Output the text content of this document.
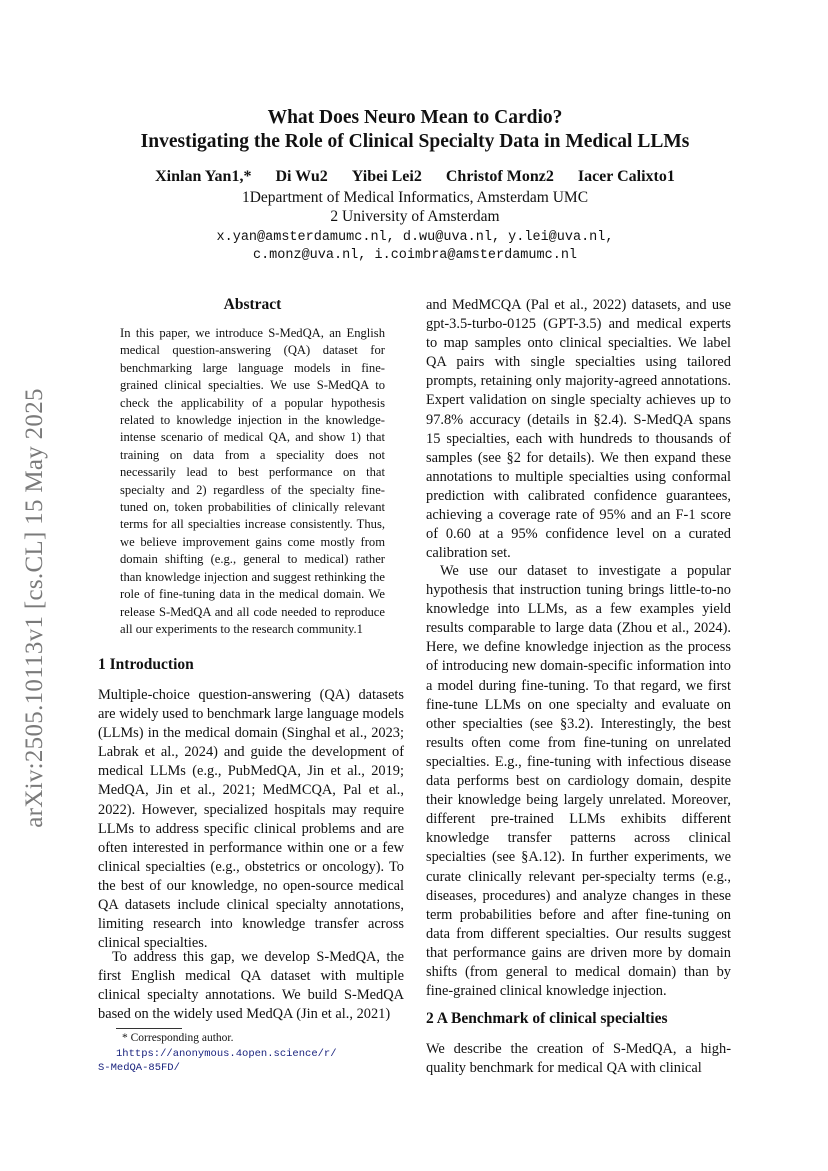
arXiv:2505.10113v1 [cs.CL] 15 May 2025
What Does Neuro Mean to Cardio?
Investigating the Role of Clinical Specialty Data in Medical LLMs
Xinlan Yan1,* Di Wu2 Yibei Lei2 Christof Monz2 Iacer Calixto1
1Department of Medical Informatics, Amsterdam UMC
2 University of Amsterdam
x.yan@amsterdamumc.nl, d.wu@uva.nl, y.lei@uva.nl,
c.monz@uva.nl, i.coimbra@amsterdamumc.nl
Abstract
In this paper, we introduce S-MedQA, an English medical question-answering (QA) dataset for benchmarking large language models in fine-grained clinical specialties. We use S-MedQA to check the applicability of a popular hypothesis related to knowledge injection in the knowledge-intense scenario of medical QA, and show 1) that training on data from a speciality does not necessarily lead to best performance on that specialty and 2) regardless of the specialty fine-tuned on, token probabilities of clinically relevant terms for all specialties increase consistently. Thus, we believe improvement gains come mostly from domain shifting (e.g., general to medical) rather than knowledge injection and suggest rethinking the role of fine-tuning data in the medical domain. We release S-MedQA and all code needed to reproduce all our experiments to the research community.1
1 Introduction
Multiple-choice question-answering (QA) datasets are widely used to benchmark large language models (LLMs) in the medical domain (Singhal et al., 2023; Labrak et al., 2024) and guide the development of medical LLMs (e.g., PubMedQA, Jin et al., 2019; MedQA, Jin et al., 2021; MedMCQA, Pal et al., 2022). However, specialized hospitals may require LLMs to address specific clinical problems and are often interested in performance within one or a few clinical specialties (e.g., obstetrics or oncology). To the best of our knowledge, no open-source medical QA datasets include clinical specialty annotations, limiting research into knowledge transfer across clinical specialties.
To address this gap, we develop S-MedQA, the first English medical QA dataset with multiple clinical specialty annotations. We build S-MedQA based on the widely used MedQA (Jin et al., 2021)
* Corresponding author.
1https://anonymous.4open.science/r/
S-MedQA-85FD/
and MedMCQA (Pal et al., 2022) datasets, and use gpt-3.5-turbo-0125 (GPT-3.5) and medical experts to map samples onto clinical specialties. We label QA pairs with single specialties using tailored prompts, retaining only majority-agreed annotations. Expert validation on single specialty achieves up to 97.8% accuracy (details in §2.4). S-MedQA spans 15 specialties, each with hundreds to thousands of samples (see §2 for details). We then expand these annotations to multiple specialties using conformal prediction with calibrated confidence guarantees, achieving a coverage rate of 95% and an F-1 score of 0.60 at a 95% confidence level on a curated calibration set.
We use our dataset to investigate a popular hypothesis that instruction tuning brings little-to-no knowledge into LLMs, as a few examples yield results comparable to large data (Zhou et al., 2024). Here, we define knowledge injection as the process of introducing new domain-specific information into a model during fine-tuning. To that regard, we first fine-tune LLMs on one specialty and evaluate on other specialties (see §3.2). Interestingly, the best results often come from fine-tuning on unrelated specialties. E.g., fine-tuning with infectious disease data performs best on cardiology domain, despite their knowledge being largely unrelated. Moreover, different pre-trained LLMs exhibits different knowledge transfer patterns across clinical specialties (see §A.12). In further experiments, we curate clinically relevant per-specialty terms (e.g., diseases, procedures) and analyze changes in these term probabilities before and after fine-tuning on data from different specialties. Our results suggest that performance gains are driven more by domain shifts (from general to medical domain) than by fine-grained clinical knowledge injection.
2 A Benchmark of clinical specialties
We describe the creation of S-MedQA, a high-quality benchmark for medical QA with clinical
